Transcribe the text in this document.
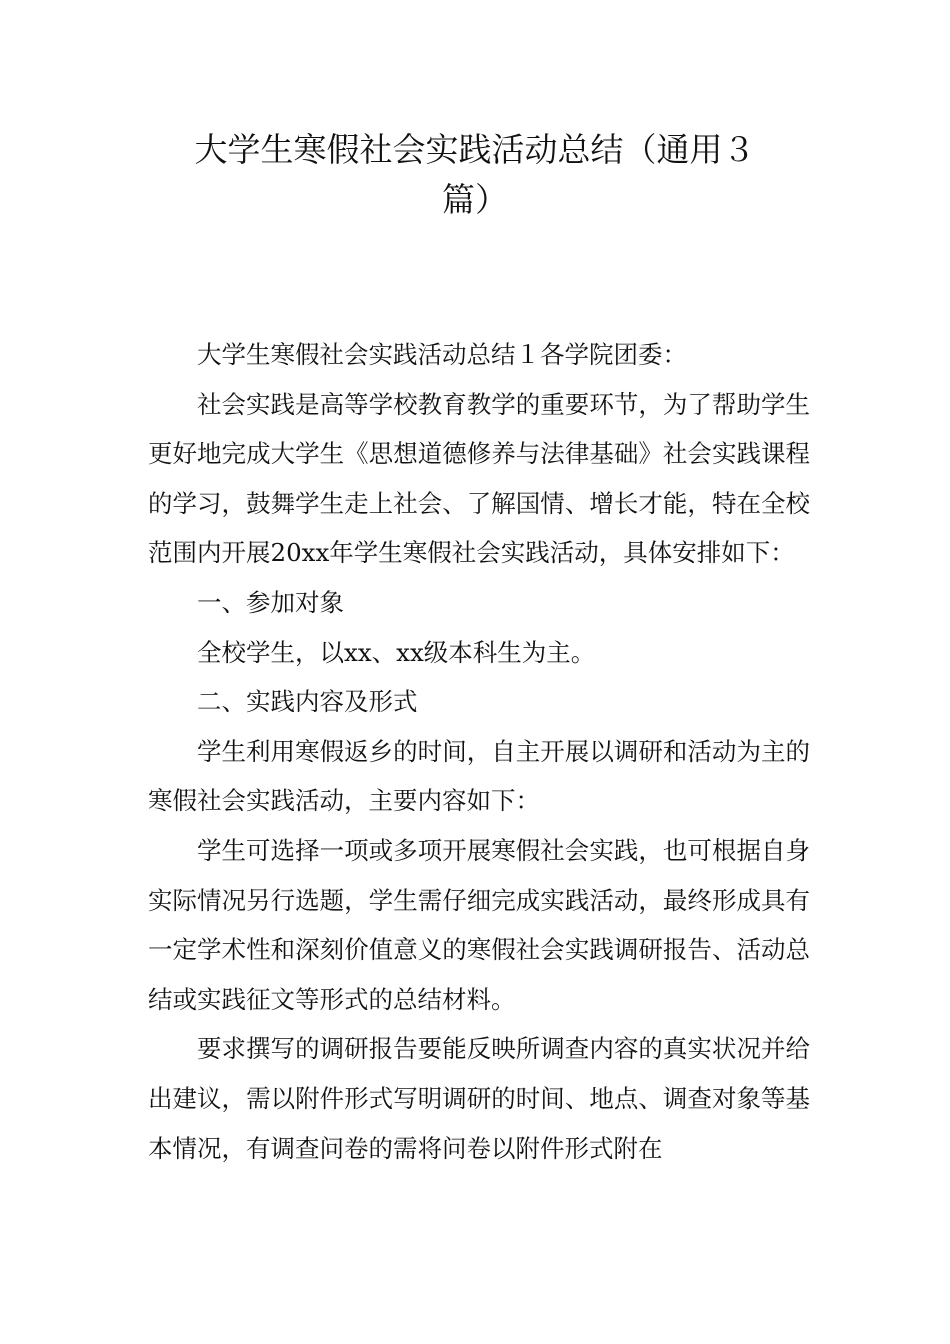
大学生寒假社会实践活动总结（通用３
篇）

大学生寒假社会实践活动总结１各学院团委：

社会实践是高等学校教育教学的重要环节，为了帮助学生更好地完成大学生《思想道德修养与法律基础》社会实践课程的学习，鼓舞学生走上社会、了解国情、增长才能，特在全校范围内开展20xx年学生寒假社会实践活动，具体安排如下：

一、参加对象

全校学生，以xx、xx级本科生为主。

二、实践内容及形式

学生利用寒假返乡的时间，自主开展以调研和活动为主的寒假社会实践活动，主要内容如下：

学生可选择一项或多项开展寒假社会实践，也可根据自身实际情况另行选题，学生需仔细完成实践活动，最终形成具有一定学术性和深刻价值意义的寒假社会实践调研报告、活动总结或实践征文等形式的总结材料。

要求撰写的调研报告要能反映所调查内容的真实状况并给出建议，需以附件形式写明调研的时间、地点、调查对象等基本情况，有调查问卷的需将问卷以附件形式附在
